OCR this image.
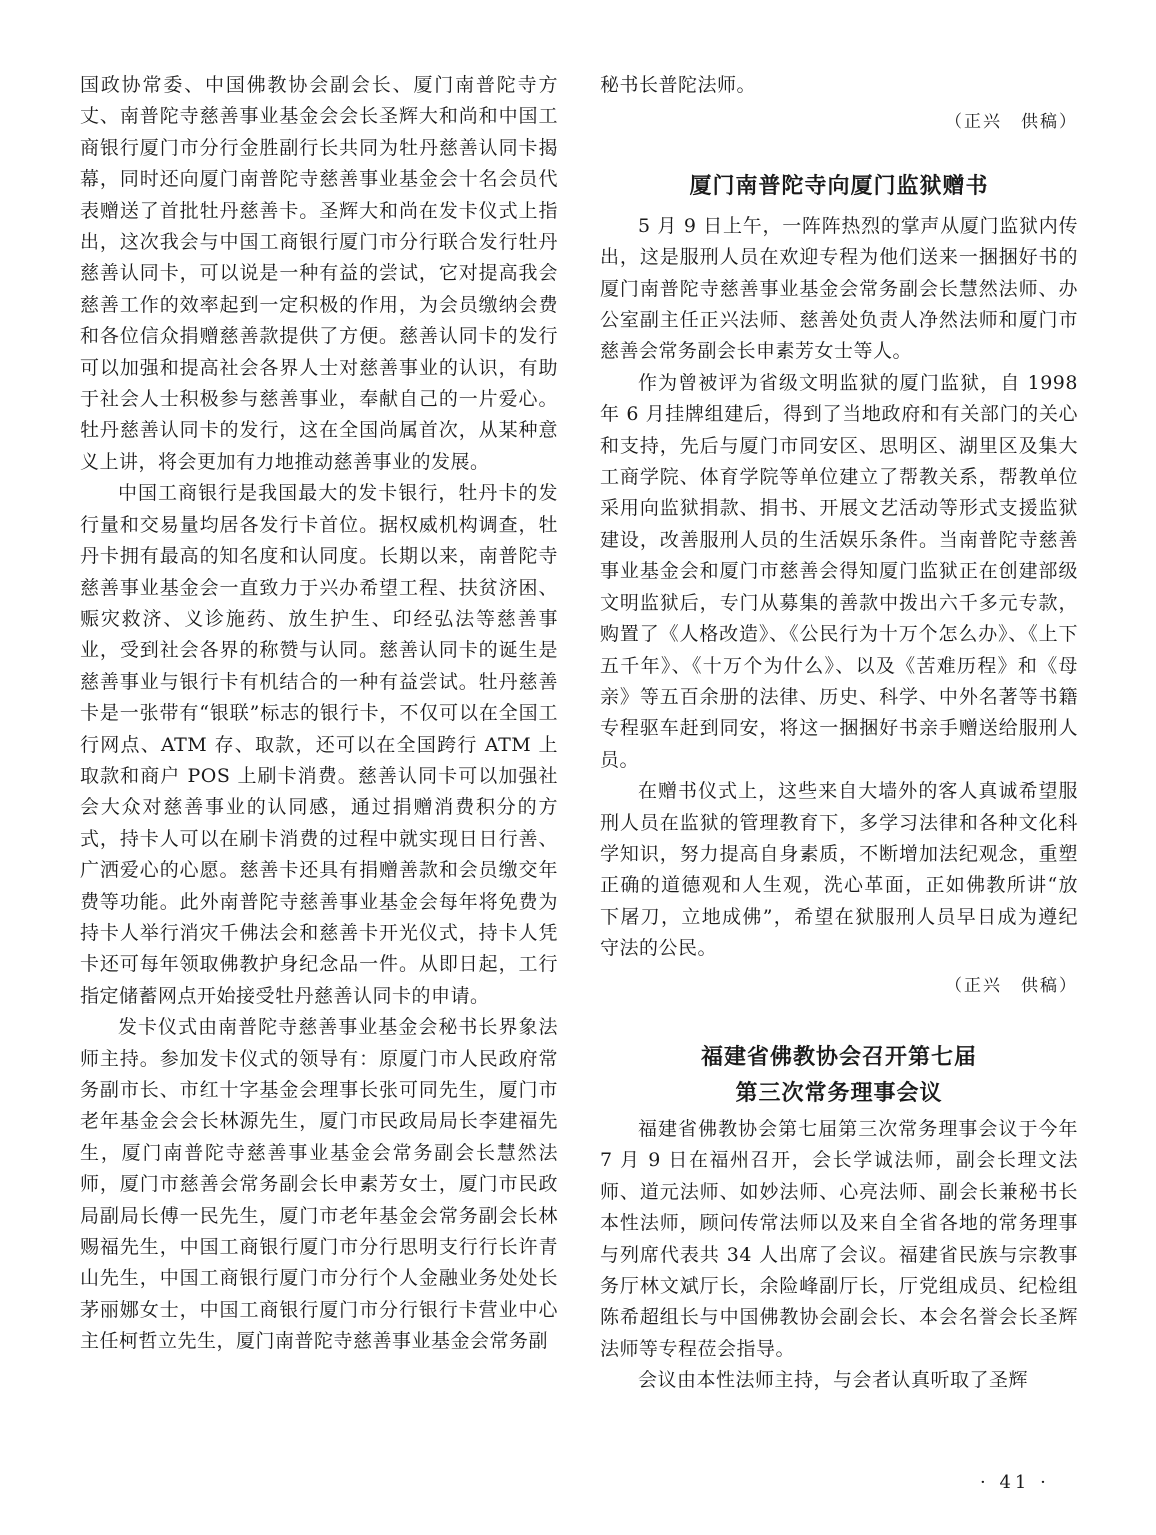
国政协常委、中国佛教协会副会长、厦门南普陀寺方丈、南普陀寺慈善事业基金会会长圣辉大和尚和中国工商银行厦门市分行金胜副行长共同为牡丹慈善认同卡揭幕，同时还向厦门南普陀寺慈善事业基金会十名会员代表赠送了首批牡丹慈善卡。圣辉大和尚在发卡仪式上指出，这次我会与中国工商银行厦门市分行联合发行牡丹慈善认同卡，可以说是一种有益的尝试，它对提高我会慈善工作的效率起到一定积极的作用，为会员缴纳会费和各位信众捐赠慈善款提供了方便。慈善认同卡的发行可以加强和提高社会各界人士对慈善事业的认识，有助于社会人士积极参与慈善事业，奉献自己的一片爱心。牡丹慈善认同卡的发行，这在全国尚属首次，从某种意义上讲，将会更加有力地推动慈善事业的发展。

中国工商银行是我国最大的发卡银行，牡丹卡的发行量和交易量均居各发行卡首位。据权威机构调查，牡丹卡拥有最高的知名度和认同度。长期以来，南普陀寺慈善事业基金会一直致力于兴办希望工程、扶贫济困、赈灾救济、义诊施药、放生护生、印经弘法等慈善事业，受到社会各界的称赞与认同。慈善认同卡的诞生是慈善事业与银行卡有机结合的一种有益尝试。牡丹慈善卡是一张带有“银联”标志的银行卡，不仅可以在全国工行网点、ATM 存、取款，还可以在全国跨行 ATM 上取款和商户 POS 上刷卡消费。慈善认同卡可以加强社会大众对慈善事业的认同感，通过捐赠消费积分的方式，持卡人可以在刷卡消费的过程中就实现日日行善、广洒爱心的心愿。慈善卡还具有捐赠善款和会员缴交年费等功能。此外南普陀寺慈善事业基金会每年将免费为持卡人举行消灾千佛法会和慈善卡开光仪式，持卡人凭卡还可每年领取佛教护身纪念品一件。从即日起，工行指定储蓄网点开始接受牡丹慈善认同卡的申请。

发卡仪式由南普陀寺慈善事业基金会秘书长界象法师主持。参加发卡仪式的领导有：原厦门市人民政府常务副市长、市红十字基金会理事长张可同先生，厦门市老年基金会会长林源先生，厦门市民政局局长李建福先生，厦门南普陀寺慈善事业基金会常务副会长慧然法师，厦门市慈善会常务副会长申素芳女士，厦门市民政局副局长傅一民先生，厦门市老年基金会常务副会长林赐福先生，中国工商银行厦门市分行思明支行行长许青山先生，中国工商银行厦门市分行个人金融业务处处长茅丽娜女士，中国工商银行厦门市分行银行卡营业中心主任柯哲立先生，厦门南普陀寺慈善事业基金会常务副

秘书长普陀法师。

（正兴　供稿）
厦门南普陀寺向厦门监狱赠书

5 月 9 日上午，一阵阵热烈的掌声从厦门监狱内传出，这是服刑人员在欢迎专程为他们送来一捆捆好书的厦门南普陀寺慈善事业基金会常务副会长慧然法师、办公室副主任正兴法师、慈善处负责人净然法师和厦门市慈善会常务副会长申素芳女士等人。

作为曾被评为省级文明监狱的厦门监狱，自 1998 年 6 月挂牌组建后，得到了当地政府和有关部门的关心和支持，先后与厦门市同安区、思明区、湖里区及集大工商学院、体育学院等单位建立了帮教关系，帮教单位采用向监狱捐款、捐书、开展文艺活动等形式支援监狱建设，改善服刑人员的生活娱乐条件。当南普陀寺慈善事业基金会和厦门市慈善会得知厦门监狱正在创建部级文明监狱后，专门从募集的善款中拨出六千多元专款，购置了《人格改造》、《公民行为十万个怎么办》、《上下五千年》、《十万个为什么》、以及《苦难历程》和《母亲》等五百余册的法律、历史、科学、中外名著等书籍专程驱车赶到同安，将这一捆捆好书亲手赠送给服刑人员。

在赠书仪式上，这些来自大墙外的客人真诚希望服刑人员在监狱的管理教育下，多学习法律和各种文化科学知识，努力提高自身素质，不断增加法纪观念，重塑正确的道德观和人生观，洗心革面，正如佛教所讲“放下屠刀，立地成佛”，希望在狱服刑人员早日成为遵纪守法的公民。

（正兴　供稿）
福建省佛教协会召开第七届
第三次常务理事会议

福建省佛教协会第七届第三次常务理事会议于今年 7 月 9 日在福州召开，会长学诚法师，副会长理文法师、道元法师、如妙法师、心亮法师、副会长兼秘书长本性法师，顾问传常法师以及来自全省各地的常务理事与列席代表共 34 人出席了会议。福建省民族与宗教事务厅林文斌厅长，余险峰副厅长，厅党组成员、纪检组陈希超组长与中国佛教协会副会长、本会名誉会长圣辉法师等专程莅会指导。

会议由本性法师主持，与会者认真听取了圣辉

· 41 ·
